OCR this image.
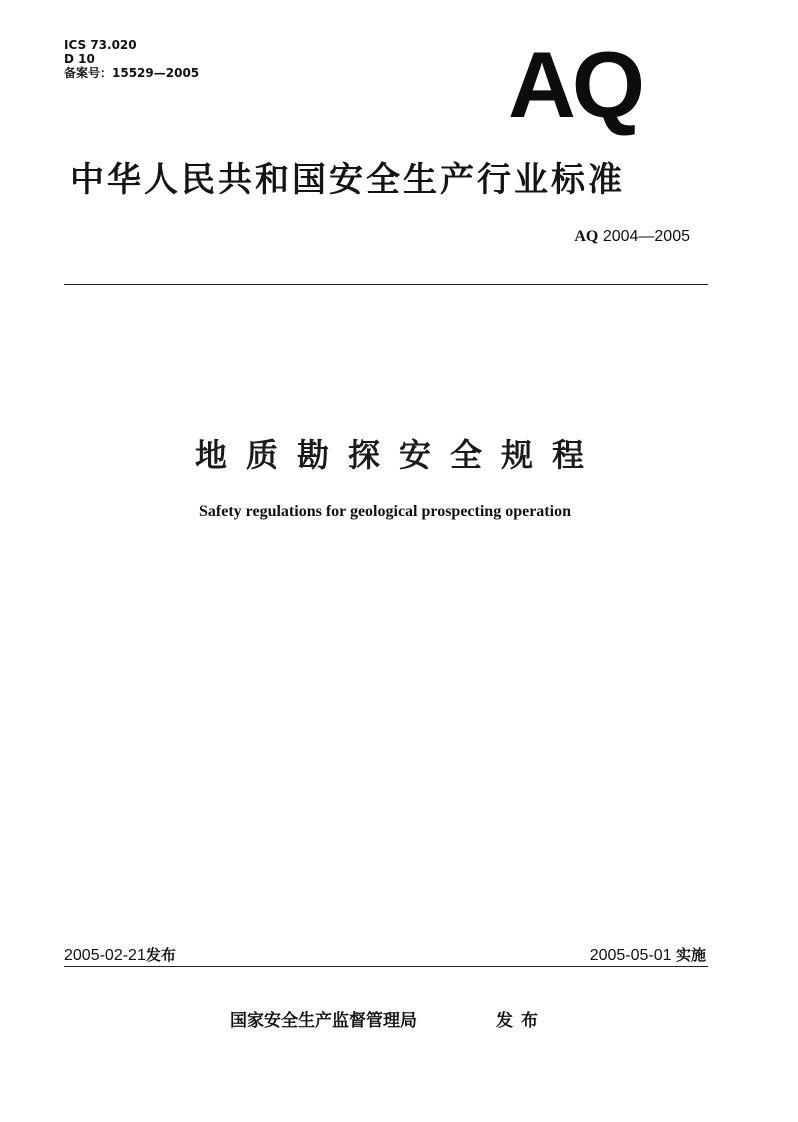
ICS 73.020
D 10
备案号：15529—2005	AQ
中华人民共和国安全生产行业标准
AQ 2004—2005
地质勘探安全规程
Safety regulations for geological prospecting operation
2005-02-21发布	2005-05-01 实施
国家安全生产监督管理局	发布
